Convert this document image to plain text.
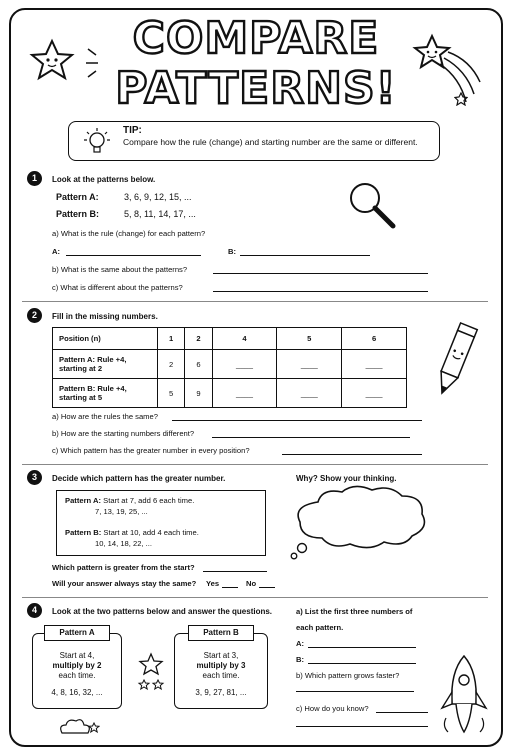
COMPARE
PATTERNS!
TIP:
Compare how the rule (change) and starting number are the same or different.
1	Look at the patterns below.
Pattern A:	3, 6, 9, 12, 15, ...
Pattern B:	5, 8, 11, 14, 17, ...
a) What is the rule (change) for each pattern?
A:	B:
b) What is the same about the patterns?
c) What is different about the patterns?
2	Fill in the missing numbers.
Position (n)	1	2	4	5	6
Pattern A: Rule +4, starting at 2	2	6	____	____	____
Pattern B: Rule +4, starting at 5	5	9	____	____	____
a) How are the rules the same?
b) How are the starting numbers different?
c) Which pattern has the greater number in every position?
3	Decide which pattern has the greater number.	Why? Show your thinking.
Pattern A: Start at 7, add 6 each time.
7, 13, 19, 25, ...
Pattern B: Start at 10, add 4 each time.
10, 14, 18, 22, ...
Which pattern is greater from the start?
Will your answer always stay the same? Yes	No
4	Look at the two patterns below and answer the questions.
Start at 4,
multiply by 2
each time.
4, 8, 16, 32, ...
Pattern A
Start at 3,
multiply by 3
each time.
3, 9, 27, 81, ...
Pattern B
a) List the first three numbers of
each pattern.
A:
B:
b) Which pattern grows faster?
c) How do you know?
